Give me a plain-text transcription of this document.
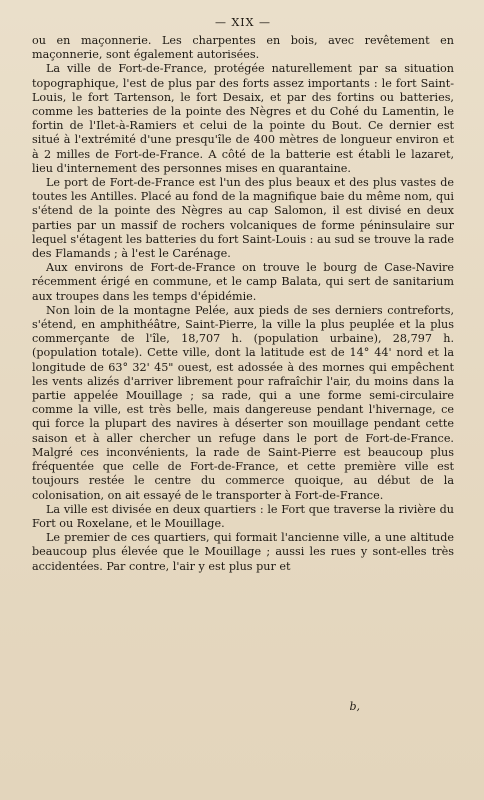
— XIX —

ou en maçonnerie. Les charpentes en bois, avec revêtement en maçonnerie, sont également autorisées.

La ville de Fort-de-France, protégée naturellement par sa situation topographique, l'est de plus par des forts assez importants : le fort Saint-Louis, le fort Tartenson, le fort Desaix, et par des fortins ou batteries, comme les batteries de la pointe des Nègres et du Cohé du Lamentin, le fortin de l'Ilet-à-Ramiers et celui de la pointe du Bout. Ce dernier est situé à l'extrémité d'une presqu'île de 400 mètres de longueur environ et à 2 milles de Fort-de-France. A côté de la batterie est établi le lazaret, lieu d'internement des personnes mises en quarantaine.

Le port de Fort-de-France est l'un des plus beaux et des plus vastes de toutes les Antilles. Placé au fond de la magnifique baie du même nom, qui s'étend de la pointe des Nègres au cap Salomon, il est divisé en deux parties par un massif de rochers volcaniques de forme péninsulaire sur lequel s'étagent les batteries du fort Saint-Louis : au sud se trouve la rade des Flamands ; à l'est le Carénage.

Aux environs de Fort-de-France on trouve le bourg de Case-Navire récemment érigé en commune, et le camp Balata, qui sert de sanitarium aux troupes dans les temps d'épidémie.

Non loin de la montagne Pelée, aux pieds de ses derniers contreforts, s'étend, en amphithéâtre, Saint-Pierre, la ville la plus peuplée et la plus commerçante de l'île, 18,707 h. (population urbaine), 28,797 h. (population totale). Cette ville, dont la latitude est de 14° 44' nord et la longitude de 63° 32' 45" ouest, est adossée à des mornes qui empêchent les vents alizés d'arriver librement pour rafraîchir l'air, du moins dans la partie appelée Mouillage ; sa rade, qui a une forme semi-circulaire comme la ville, est très belle, mais dangereuse pendant l'hivernage, ce qui force la plupart des navires à déserter son mouillage pendant cette saison et à aller chercher un refuge dans le port de Fort-de-France. Malgré ces inconvénients, la rade de Saint-Pierre est beaucoup plus fréquentée que celle de Fort-de-France, et cette première ville est toujours restée le centre du commerce quoique, au début de la colonisation, on ait essayé de le transporter à Fort-de-France.

La ville est divisée en deux quartiers : le Fort que traverse la rivière du Fort ou Roxelane, et le Mouillage.

Le premier de ces quartiers, qui formait l'ancienne ville, a une altitude beaucoup plus élevée que le Mouillage ; aussi les rues y sont-elles très accidentées. Par contre, l'air y est plus pur et

b,
